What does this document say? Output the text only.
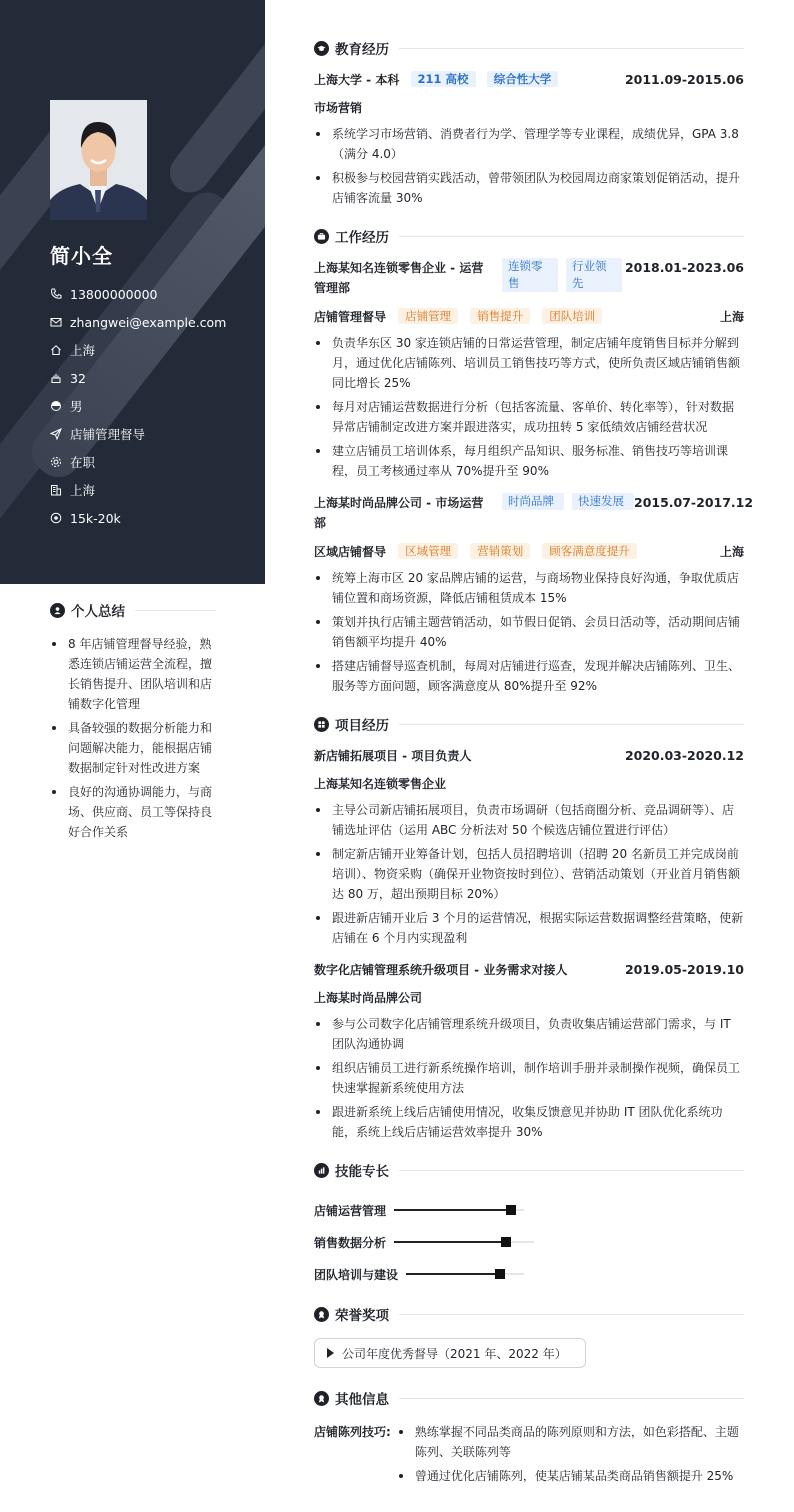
简小全
13800000000
zhangwei@example.com
上海
32
男
店铺管理督导
在职
上海
15k-20k
个人总结
8 年店铺管理督导经验，熟悉连锁店铺运营全流程，擅长销售提升、团队培训和店铺数字化管理
具备较强的数据分析能力和问题解决能力，能根据店铺数据制定针对性改进方案
良好的沟通协调能力，与商场、供应商、员工等保持良好合作关系
教育经历
上海大学 - 本科 211 高校 综合性大学	2011.09-2015.06
市场营销
系统学习市场营销、消费者行为学、管理学等专业课程，成绩优异，GPA 3.8（满分 4.0）
积极参与校园营销实践活动，曾带领团队为校园周边商家策划促销活动，提升店铺客流量 30%
工作经历
上海某知名连锁零售企业 - 运营管理部
连锁零售
行业领先
2018.01-2023.06
店铺管理督导 店铺管理 销售提升 团队培训	上海
负责华东区 30 家连锁店铺的日常运营管理，制定店铺年度销售目标并分解到月，通过优化店铺陈列、培训员工销售技巧等方式，使所负责区域店铺销售额同比增长 25%
每月对店铺运营数据进行分析（包括客流量、客单价、转化率等），针对数据异常店铺制定改进方案并跟进落实，成功扭转 5 家低绩效店铺经营状况
建立店铺员工培训体系，每月组织产品知识、服务标准、销售技巧等培训课程，员工考核通过率从 70%提升至 90%
上海某时尚品牌公司 - 市场运营部
时尚品牌	快速发展 2015.07-2017.12
区域店铺督导 区域管理 营销策划 顾客满意度提升	上海
统筹上海市区 20 家品牌店铺的运营，与商场物业保持良好沟通，争取优质店铺位置和商场资源，降低店铺租赁成本 15%
策划并执行店铺主题营销活动，如节假日促销、会员日活动等，活动期间店铺销售额平均提升 40%
搭建店铺督导巡查机制，每周对店铺进行巡查，发现并解决店铺陈列、卫生、服务等方面问题，顾客满意度从 80%提升至 92%
项目经历
新店铺拓展项目 - 项目负责人	2020.03-2020.12
上海某知名连锁零售企业
主导公司新店铺拓展项目，负责市场调研（包括商圈分析、竞品调研等）、店铺选址评估（运用 ABC 分析法对 50 个候选店铺位置进行评估）
制定新店铺开业筹备计划，包括人员招聘培训（招聘 20 名新员工并完成岗前培训）、物资采购（确保开业物资按时到位）、营销活动策划（开业首月销售额达 80 万，超出预期目标 20%）
跟进新店铺开业后 3 个月的运营情况，根据实际运营数据调整经营策略，使新店铺在 6 个月内实现盈利
数字化店铺管理系统升级项目 - 业务需求对接人	2019.05-2019.10
上海某时尚品牌公司
参与公司数字化店铺管理系统升级项目，负责收集店铺运营部门需求，与 IT 团队沟通协调
组织店铺员工进行新系统操作培训，制作培训手册并录制操作视频，确保员工快速掌握新系统使用方法
跟进新系统上线后店铺使用情况，收集反馈意见并协助 IT 团队优化系统功能，系统上线后店铺运营效率提升 30%
技能专长
店铺运营管理
销售数据分析
团队培训与建设
荣誉奖项
公司年度优秀督导（2021 年、2022 年）
其他信息
店铺陈列技巧:	熟练掌握不同品类商品的陈列原则和方法，如色彩搭配、主题陈列、关联陈列等
曾通过优化店铺陈列，使某店铺某品类商品销售额提升 25%
